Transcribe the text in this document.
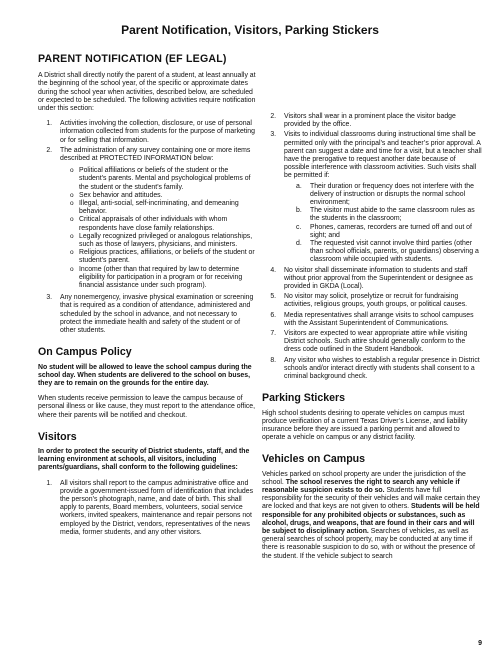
Parent Notification, Visitors, Parking Stickers
PARENT NOTIFICATION (EF LEGAL)

A District shall directly notify the parent of a student, at least annually at the beginning of the school year, of the specific or approximate dates during the school year when activities, described below, are scheduled or expected to be scheduled. The following activities require notification under this section:

1. Activities involving the collection, disclosure, or use of personal information collected from students for the purpose of marketing or for selling that information.
2. The administration of any survey containing one or more items described at PROTECTED INFORMATION below:
o Political affiliations or beliefs of the student or the student’s parents. Mental and psychological problems of the student or the student’s family.
o Sex behavior and attitudes.
o Illegal, anti-social, self-incriminating, and demeaning behavior.
o Critical appraisals of other individuals with whom respondents have close family relationships.
o Legally recognized privileged or analogous relationships, such as those of lawyers, physicians, and ministers.
o Religious practices, affiliations, or beliefs of the student or student’s parent.
o Income (other than that required by law to determine eligibility for participation in a program or for receiving financial assistance under such program).
3. Any nonemergency, invasive physical examination or screening that is required as a condition of attendance, administered and scheduled by the school in advance, and not necessary to protect the immediate health and safety of the student or of other students.
On Campus Policy

No student will be allowed to leave the school campus during the school day. When students are delivered to the school on buses, they are to remain on the grounds for the entire day.

When students receive permission to leave the campus because of personal illness or like cause, they must report to the attendance office, where their parents will be notified and checkout.

Visitors

In order to protect the security of District students, staff, and the learning environment at schools, all visitors, including parents/guardians, shall conform to the following guidelines:

1. All visitors shall report to the campus administrative office and provide a government-issued form of identification that includes the person’s photograph, name, and date of birth. This shall apply to parents, Board members, volunteers, social service workers, invited speakers, maintenance and repair persons not employed by the District, vendors, representatives of the news media, former students, and any other visitors.
2. Visitors shall wear in a prominent place the visitor badge provided by the office.
3. Visits to individual classrooms during instructional time shall be permitted only with the principal’s and teacher’s prior approval. A parent can suggest a date and time for a visit, but a teacher shall have the prerogative to request another date because of possible interference with classroom activities. Such visits shall be permitted if:
a. Their duration or frequency does not interfere with the delivery of instruction or disrupts the normal school environment;
b. The visitor must abide to the same classroom rules as the students in the classroom;
c. Phones, cameras, recorders are turned off and out of sight; and
d. The requested visit cannot involve third parties (other than school officials, parents, or guardians) observing a classroom while occupied with students.
4. No visitor shall disseminate information to students and staff without prior approval from the Superintendent or designee as provided in GKDA (Local).
5. No visitor may solicit, proselytize or recruit for fundraising activities, religious groups, youth groups, or political causes.
6. Media representatives shall arrange visits to school campuses with the Assistant Superintendent of Communications.
7. Visitors are expected to wear appropriate attire while visiting District schools. Such attire should generally conform to the dress code outlined in the Student Handbook.
8. Any visitor who wishes to establish a regular presence in District schools and/or interact directly with students shall consent to a criminal background check.
Parking Stickers

High school students desiring to operate vehicles on campus must produce verification of a current Texas Driver’s License, and liability insurance before they are issued a parking permit and allowed to operate a vehicle on campus or any district facility.

Vehicles on Campus

Vehicles parked on school property are under the jurisdiction of the school. The school reserves the right to search any vehicle if reasonable suspicion exists to do so. Students have full responsibility for the security of their vehicles and will make certain they are locked and that keys are not given to others. Students will be held responsible for any prohibited objects or substances, such as alcohol, drugs, and weapons, that are found in their cars and will be subject to disciplinary action. Searches of vehicles, as well as general searches of school property, may be conducted at any time if there is reasonable suspicion to do so, with or without the presence of the student. If the vehicle subject to search

9
